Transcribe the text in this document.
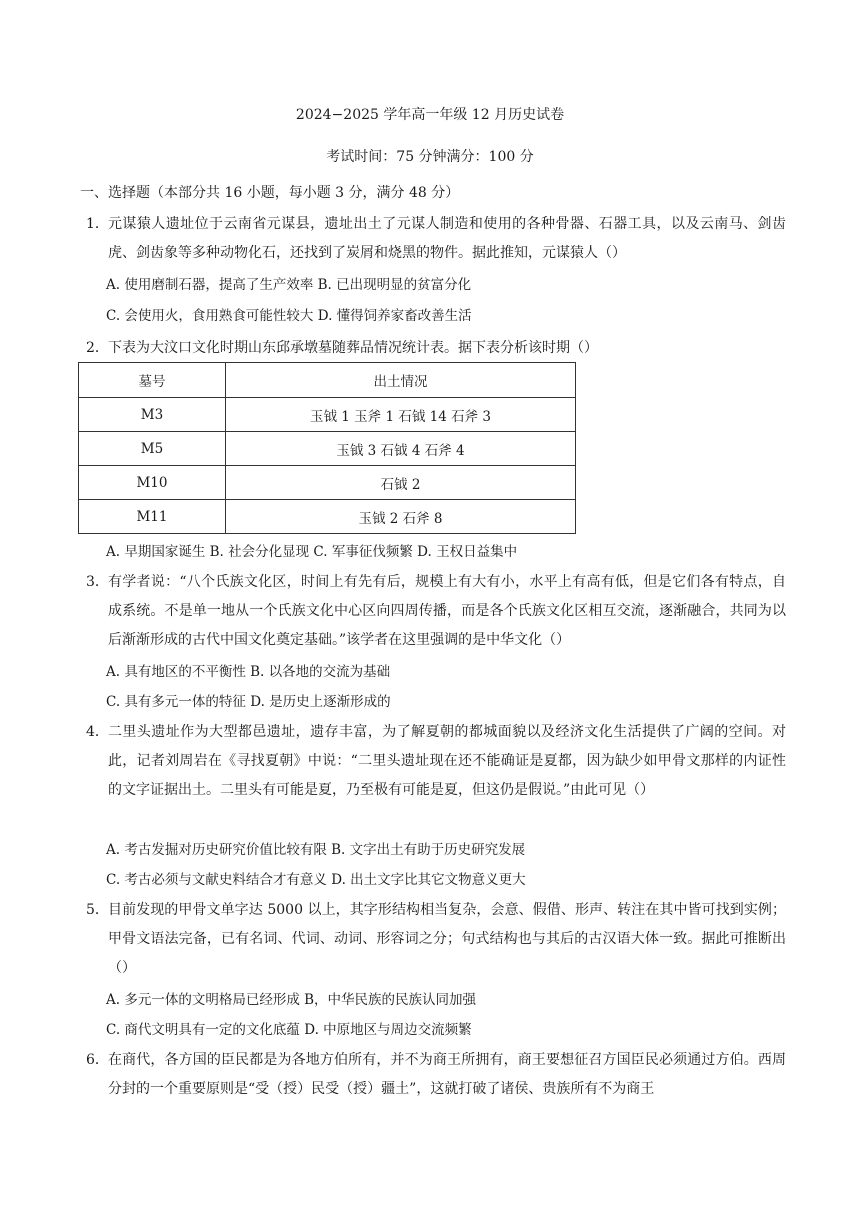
2024−2025 学年高一年级 12 月历史试卷
考试时间：75 分钟满分：100 分
一、选择题（本部分共 16 小题，每小题 3 分，满分 48 分）
1． 元谋猿人遗址位于云南省元谋县，遗址出土了元谋人制造和使用的各种骨器、石器工具，以及云南马、剑齿虎、剑齿象等多种动物化石，还找到了炭屑和烧黑的物件。据此推知，元谋猿人（）
A. 使用磨制石器，提高了生产效率 B. 已出现明显的贫富分化
C. 会使用火，食用熟食可能性较大 D. 懂得饲养家畜改善生活
2． 下表为大汶口文化时期山东邱承墩墓随葬品情况统计表。据下表分析该时期（）
墓号	出土情况
M3	玉钺 1 玉斧 1 石钺 14 石斧 3
M5	玉钺 3 石钺 4 石斧 4
M10	石钺 2
M11	玉钺 2 石斧 8
A. 早期国家诞生 B. 社会分化显现 C. 军事征伐频繁 D. 王权日益集中
3． 有学者说：“八个氏族文化区，时间上有先有后，规模上有大有小，水平上有高有低，但是它们各有特点，自成系统。不是单一地从一个氏族文化中心区向四周传播，而是各个氏族文化区相互交流，逐渐融合，共同为以后渐渐形成的古代中国文化奠定基础。”该学者在这里强调的是中华文化（）
A. 具有地区的不平衡性 B. 以各地的交流为基础
C. 具有多元一体的特征 D. 是历史上逐渐形成的
4． 二里头遗址作为大型都邑遗址，遗存丰富，为了解夏朝的都城面貌以及经济文化生活提供了广阔的空间。对此，记者刘周岩在《寻找夏朝》中说：“二里头遗址现在还不能确证是夏都，因为缺少如甲骨文那样的内证性的文字证据出土。二里头有可能是夏，乃至极有可能是夏，但这仍是假说。”由此可见（）
A. 考古发掘对历史研究价值比较有限 B. 文字出土有助于历史研究发展
C. 考古必须与文献史料结合才有意义 D. 出土文字比其它文物意义更大
5． 目前发现的甲骨文单字达 5000 以上，其字形结构相当复杂，会意、假借、形声、转注在其中皆可找到实例；甲骨文语法完备，已有名词、代词、动词、形容词之分；句式结构也与其后的古汉语大体一致。据此可推断出（）
A. 多元一体的文明格局已经形成 B，中华民族的民族认同加强
C. 商代文明具有一定的文化底蕴 D. 中原地区与周边交流频繁
6． 在商代，各方国的臣民都是为各地方伯所有，并不为商王所拥有，商王要想征召方国臣民必须通过方伯。西周分封的一个重要原则是“受（授）民受（授）疆土”，这就打破了诸侯、贵族所有不为商王
